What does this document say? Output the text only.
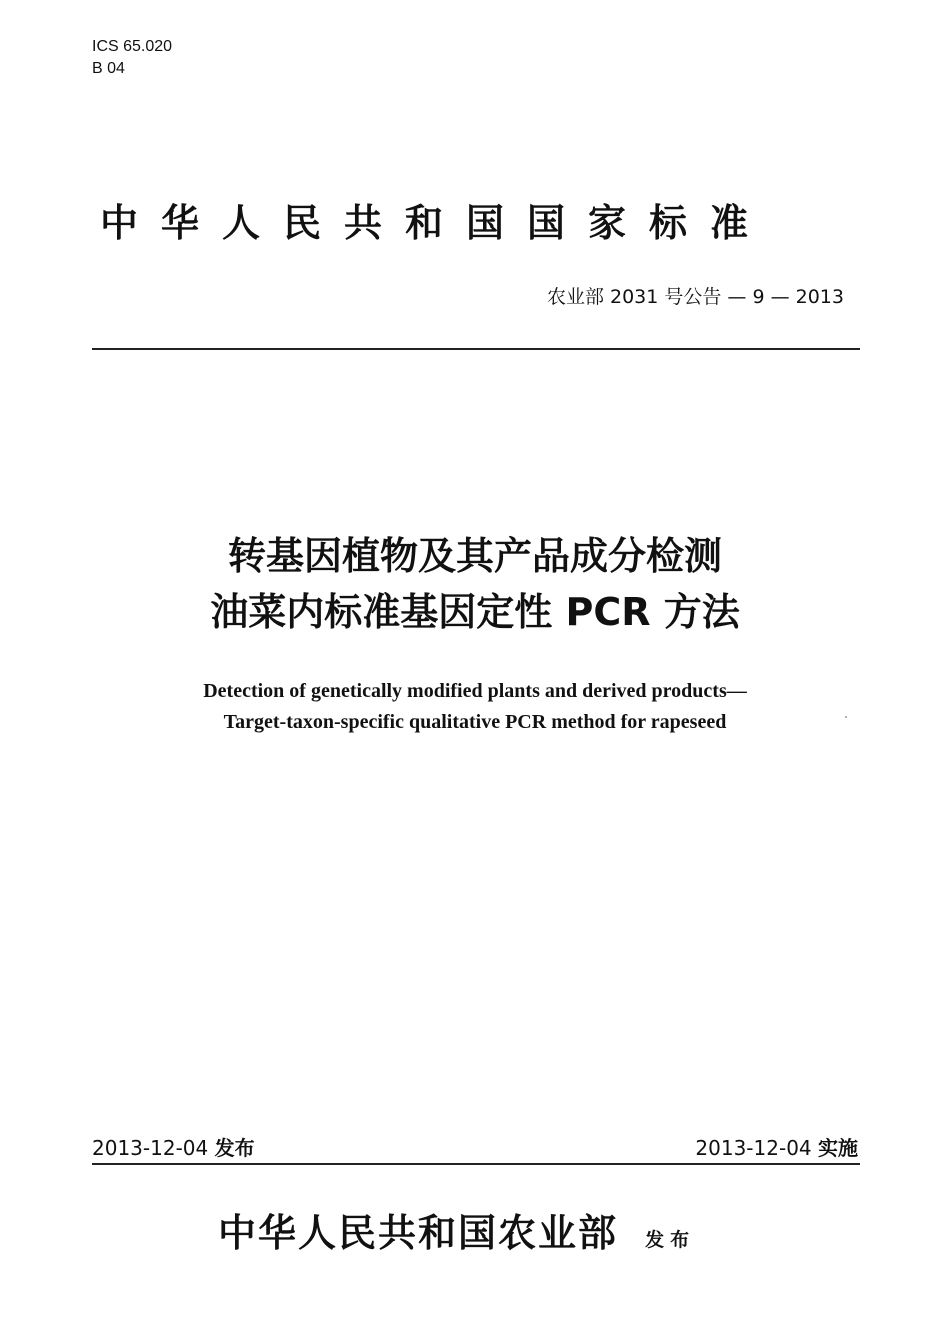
ICS 65.020
B 04
中华人民共和国国家标准
农业部 2031 号公告 — 9 — 2013
转基因植物及其产品成分检测
油菜内标准基因定性 PCR 方法
Detection of genetically modified plants and derived products—
Target-taxon-specific qualitative PCR method for rapeseed
2013-12-04 发布	2013-12-04 实施
中华人民共和国农业部 发布
